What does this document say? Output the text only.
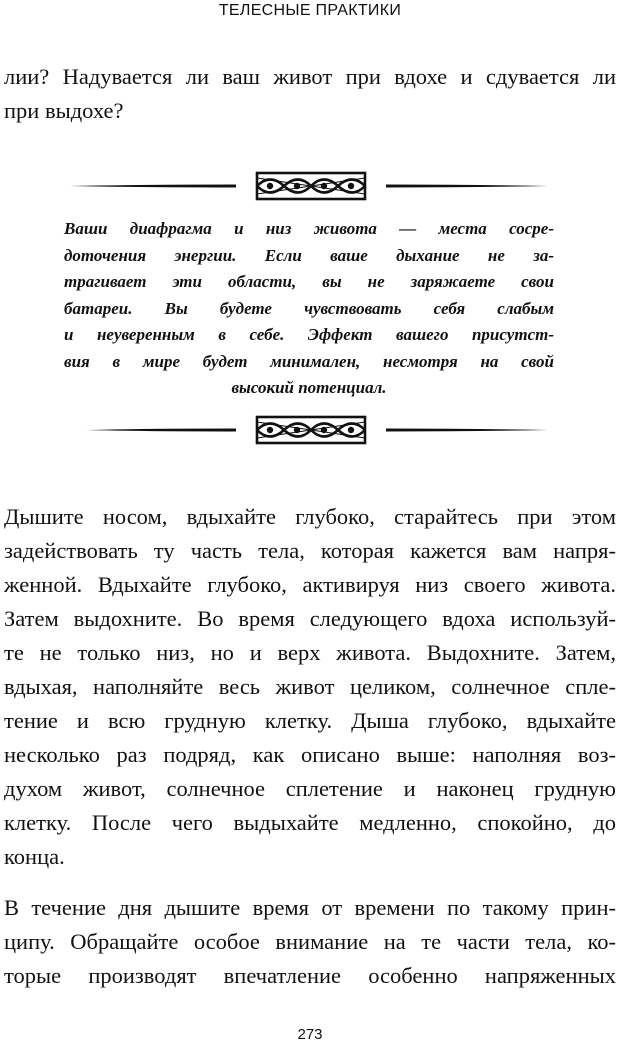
ТЕЛЕСНЫЕ ПРАКТИКИ
лии? Надувается ли ваш живот при вдохе и сдувается ли
при выдохе?
Ваши диафрагма и низ живота — места сосре-
доточения энергии. Если ваше дыхание не за-
трагивает эти области, вы не заряжаете свои
батареи. Вы будете чувствовать себя слабым
и неуверенным в себе. Эффект вашего присутст-
вия в мире будет минимален, несмотря на свой
высокий потенциал.
Дышите носом, вдыхайте глубоко, старайтесь при этом
задействовать ту часть тела, которая кажется вам напря-
женной. Вдыхайте глубоко, активируя низ своего живота.
Затем выдохните. Во время следующего вдоха используй-
те не только низ, но и верх живота. Выдохните. Затем,
вдыхая, наполняйте весь живот целиком, солнечное спле-
тение и всю грудную клетку. Дыша глубоко, вдыхайте
несколько раз подряд, как описано выше: наполняя воз-
духом живот, солнечное сплетение и наконец грудную
клетку. После чего выдыхайте медленно, спокойно, до
конца.
В течение дня дышите время от времени по такому прин-
ципу. Обращайте особое внимание на те части тела, ко-
торые производят впечатление особенно напряженных
273
